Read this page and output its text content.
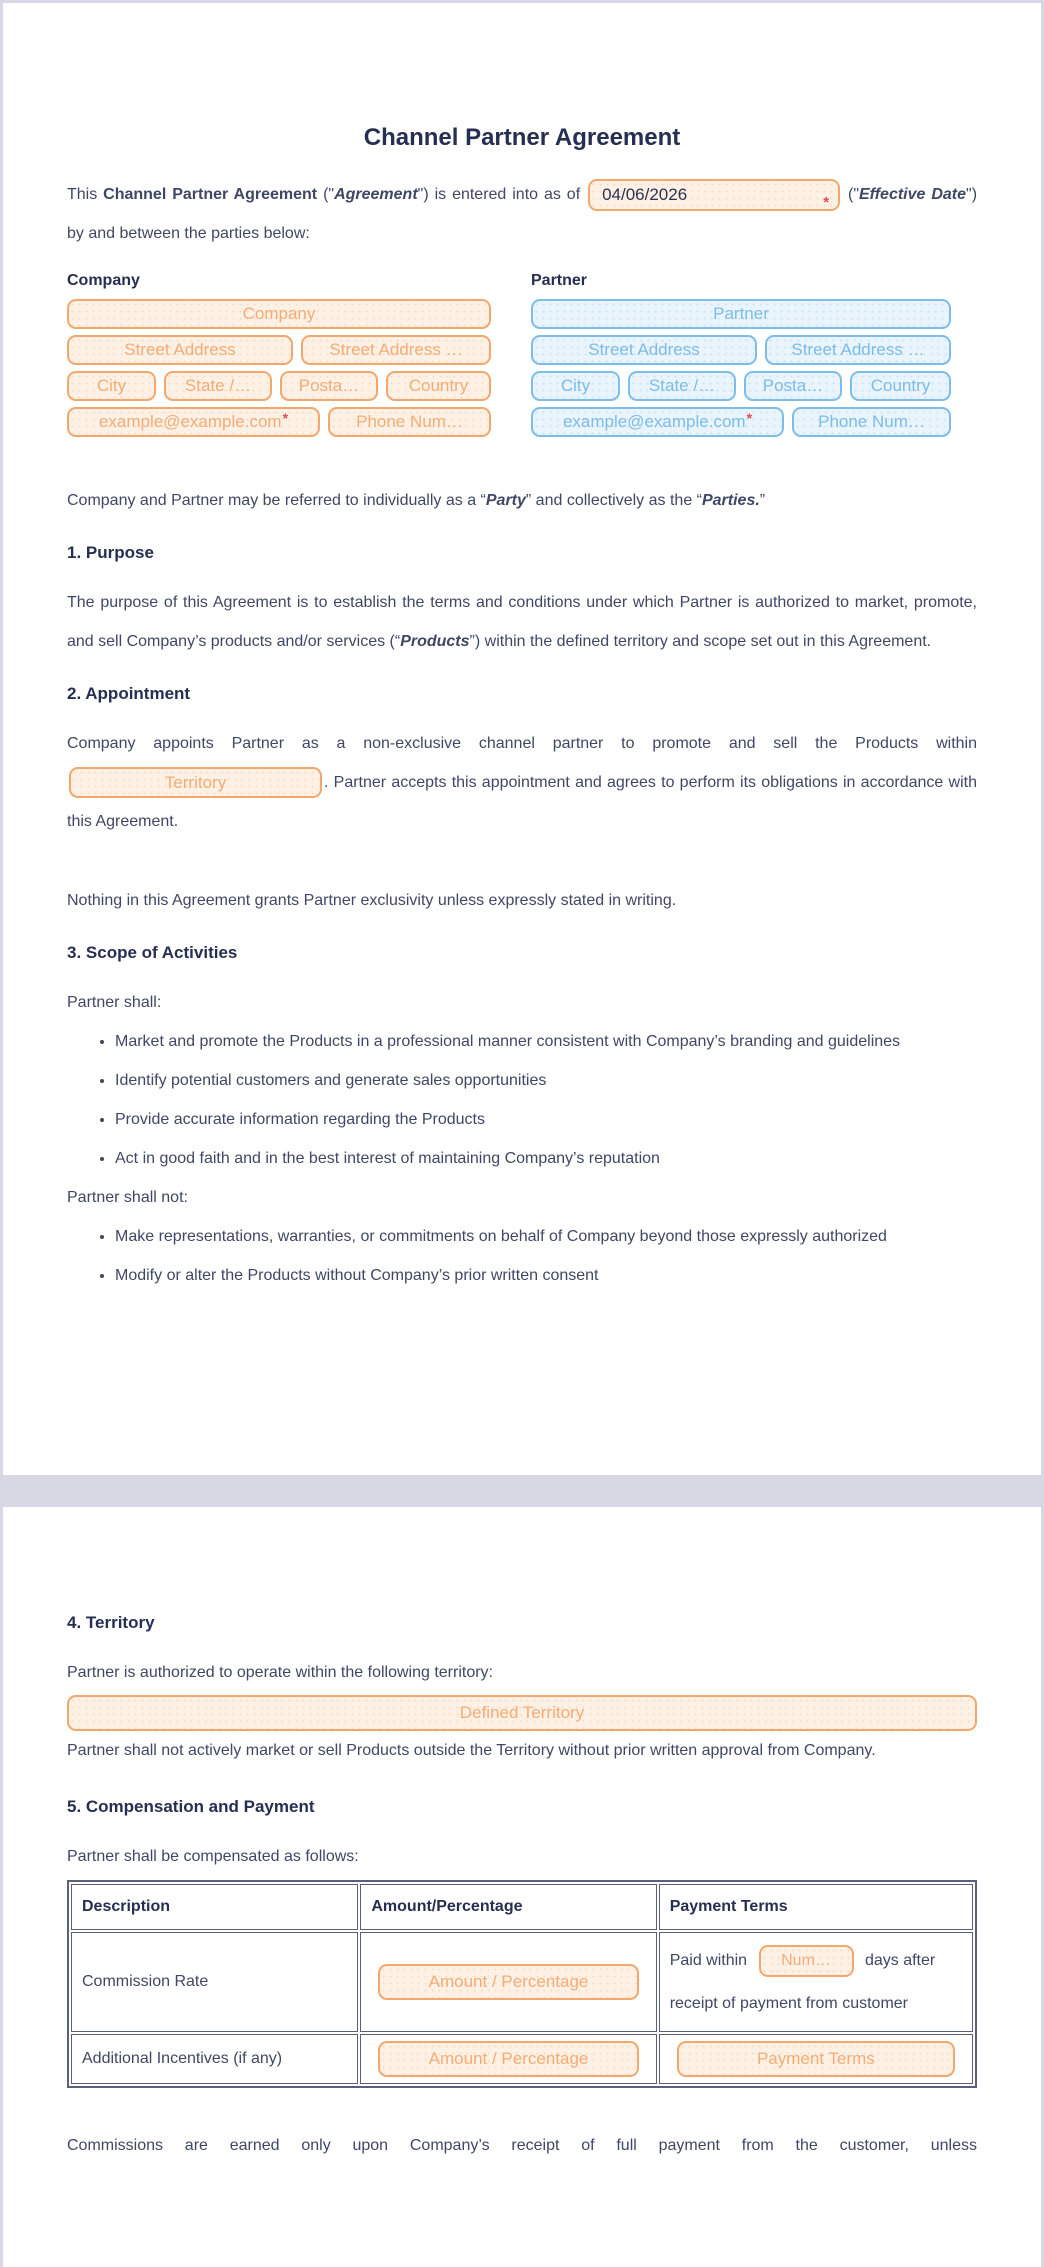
Channel Partner Agreement

This Channel Partner Agreement ("Agreement") is entered into as of 04/06/2026	* ("Effective Date") by and between the parties below:

Company
Company
Street Address	Street Address …
City	State /…	Posta…	Country
example@example.com *	Phone Num…
Partner
Partner
Street Address	Street Address …
City	State /…	Posta…	Country
example@example.com *	Phone Num…

Company and Partner may be referred to individually as a “Party” and collectively as the “Parties.”

1. Purpose

The purpose of this Agreement is to establish the terms and conditions under which Partner is authorized to market, promote, and sell Company’s products and/or services (“Products”) within the defined territory and scope set out in this Agreement.

2. Appointment

Company appoints Partner as a non-exclusive channel partner to promote and sell the Products within Territory	. Partner accepts this appointment and agrees to perform its obligations in accordance with this Agreement.

Nothing in this Agreement grants Partner exclusivity unless expressly stated in writing.

3. Scope of Activities

Partner shall:

• Market and promote the Products in a professional manner consistent with Company’s branding and guidelines
• Identify potential customers and generate sales opportunities
• Provide accurate information regarding the Products
• Act in good faith and in the best interest of maintaining Company’s reputation

Partner shall not:

• Make representations, warranties, or commitments on behalf of Company beyond those expressly authorized
• Modify or alter the Products without Company’s prior written consent
4. Territory

Partner is authorized to operate within the following territory:

Defined Territory

Partner shall not actively market or sell Products outside the Territory without prior written approval from Company.

5. Compensation and Payment

Partner shall be compensated as follows:

Description	Amount/Percentage	Payment Terms
Commission Rate	Amount / Percentage	Paid within Num… days after receipt of payment from customer
Additional Incentives (if any)	Amount / Percentage	Payment Terms

Commissions are earned only upon Company’s receipt of full payment from the customer, unless
